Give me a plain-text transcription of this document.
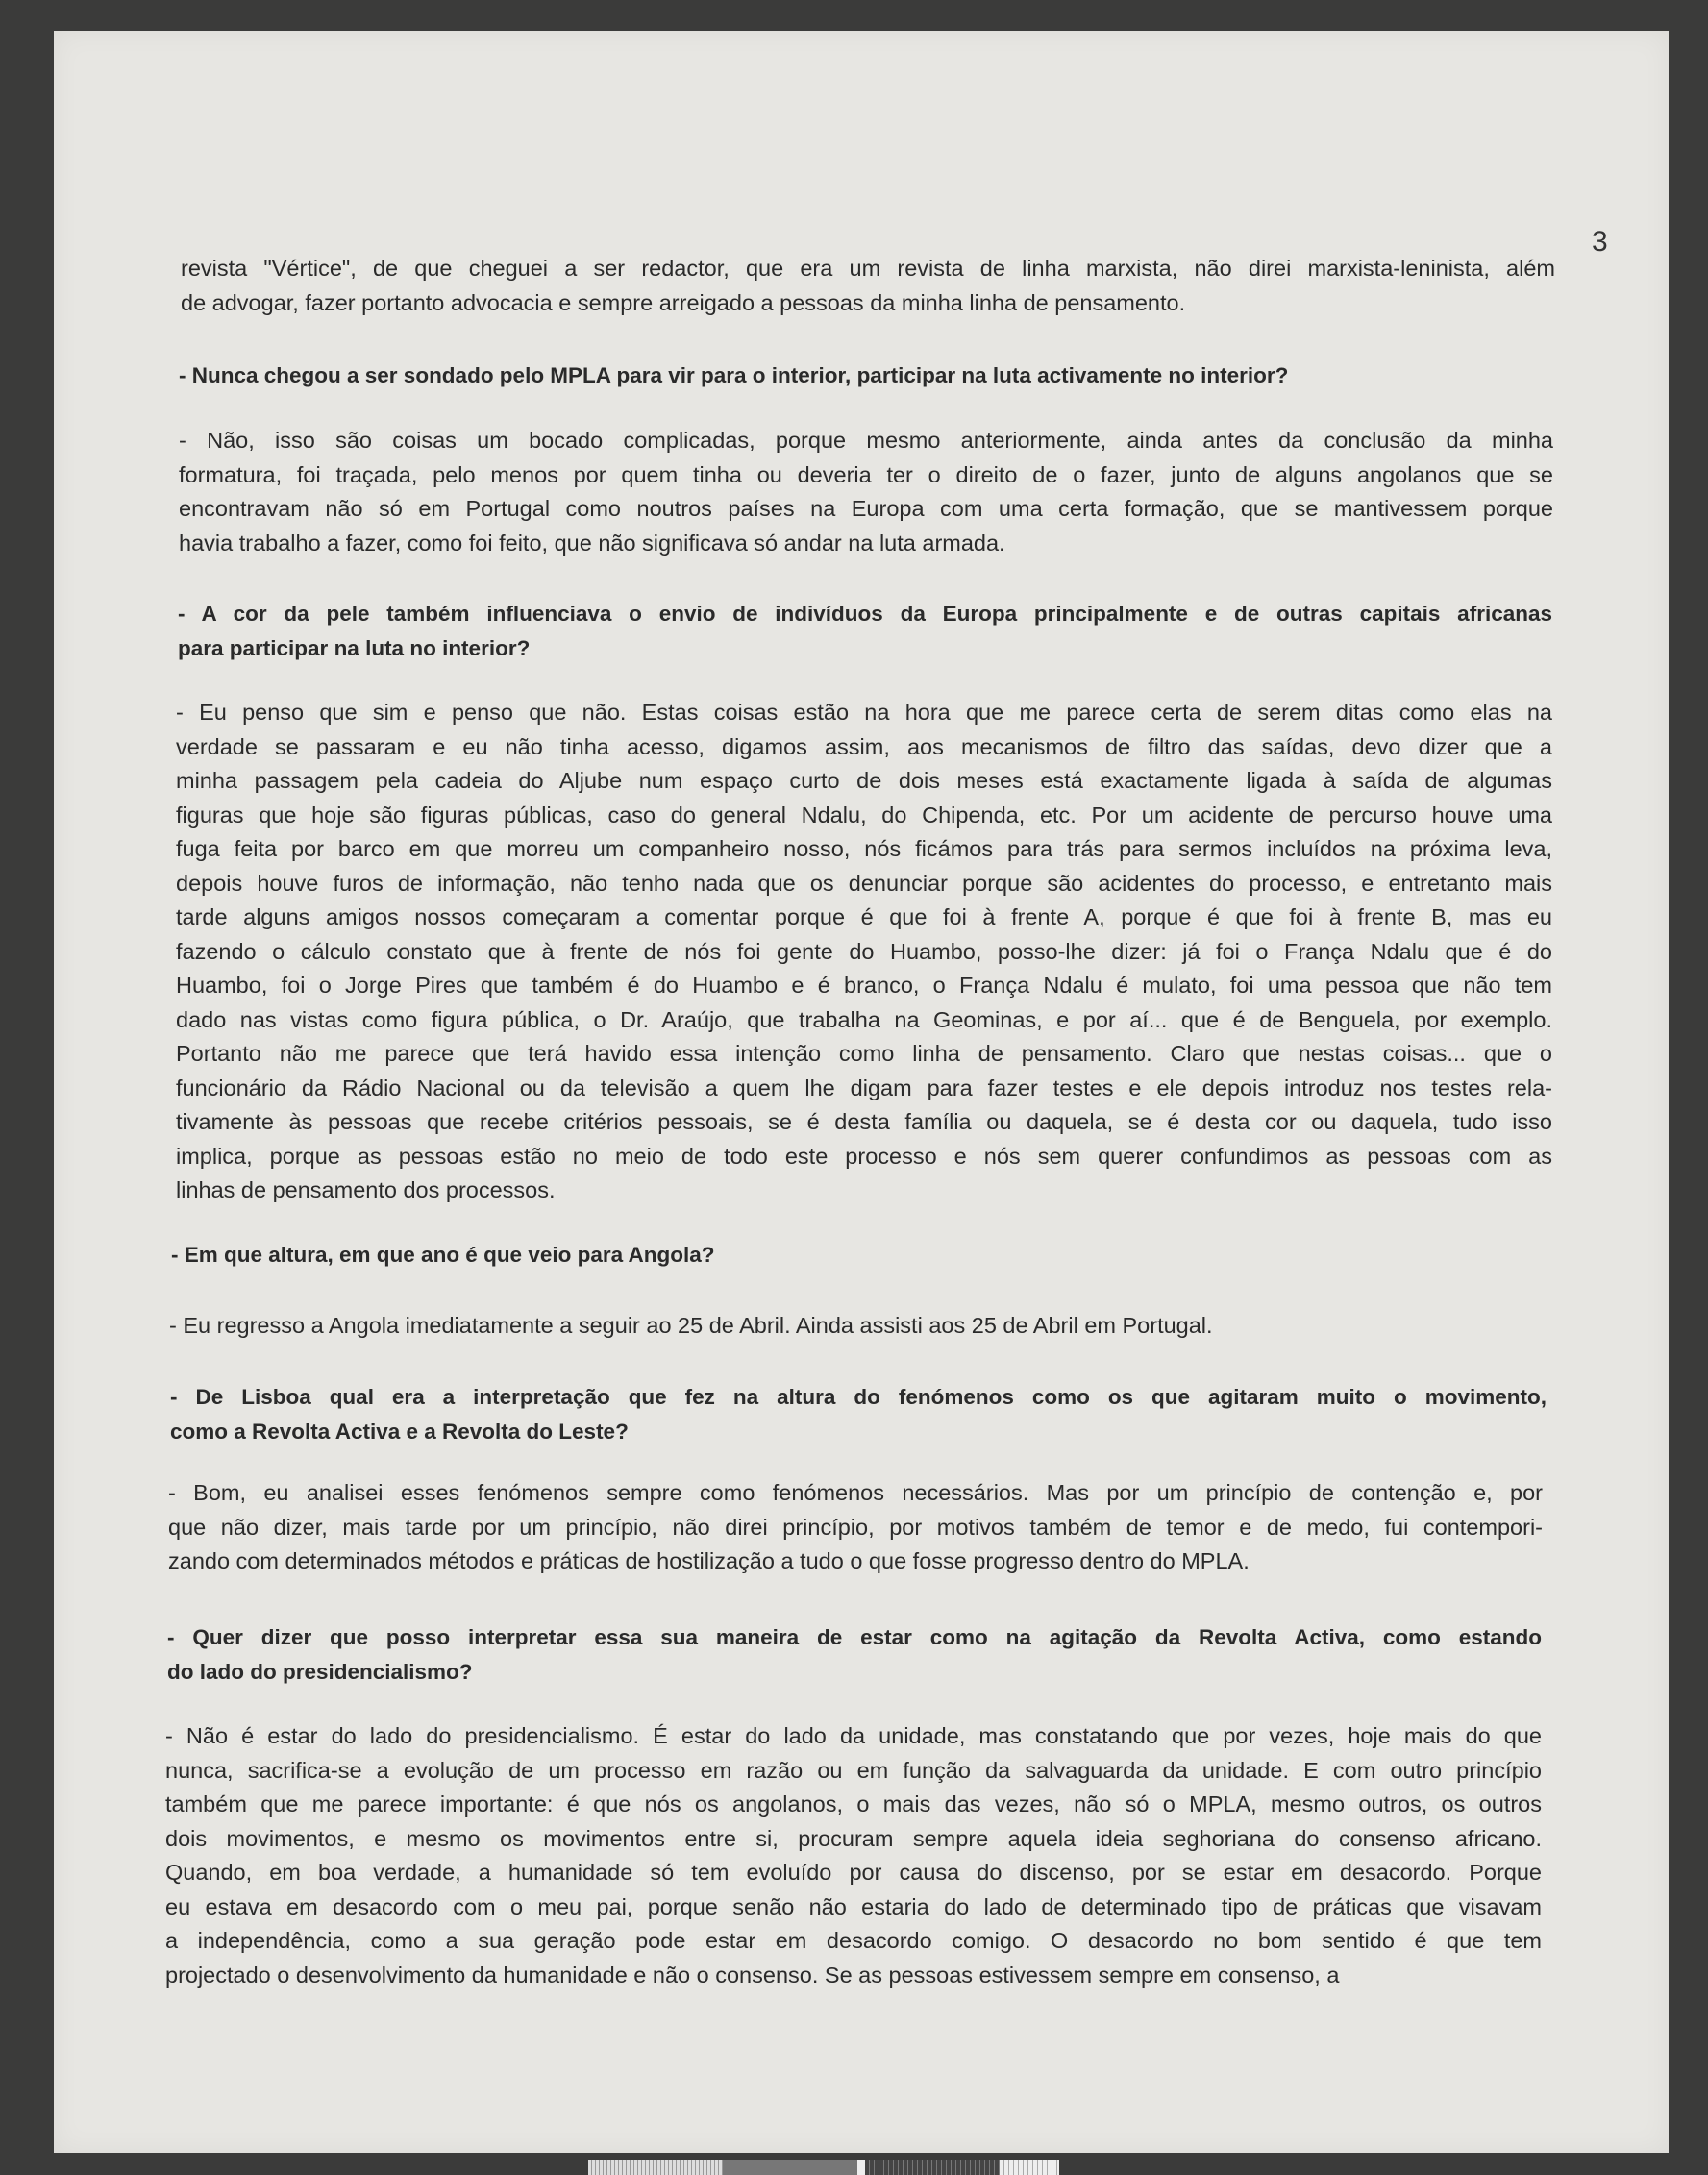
3
revista "Vértice", de que cheguei a ser redactor, que era um revista de linha marxista, não direi marxista-leninista, além
de advogar, fazer portanto advocacia e sempre arreigado a pessoas da minha linha de pensamento.
- Nunca chegou a ser sondado pelo MPLA para vir para o interior, participar na luta activamente no interior?
- Não, isso são coisas um bocado complicadas, porque mesmo anteriormente, ainda antes da conclusão da minha
formatura, foi traçada, pelo menos por quem tinha ou deveria ter o direito de o fazer, junto de alguns angolanos que se
encontravam não só em Portugal como noutros países na Europa com uma certa formação, que se mantivessem porque
havia trabalho a fazer, como foi feito, que não significava só andar na luta armada.
- A cor da pele também influenciava o envio de indivíduos da Europa principalmente e de outras capitais africanas
para participar na luta no interior?
- Eu penso que sim e penso que não. Estas coisas estão na hora que me parece certa de serem ditas como elas na
verdade se passaram e eu não tinha acesso, digamos assim, aos mecanismos de filtro das saídas, devo dizer que a
minha passagem pela cadeia do Aljube num espaço curto de dois meses está exactamente ligada à saída de algumas
figuras que hoje são figuras públicas, caso do general Ndalu, do Chipenda, etc. Por um acidente de percurso houve uma
fuga feita por barco em que morreu um companheiro nosso, nós ficámos para trás para sermos incluídos na próxima leva,
depois houve furos de informação, não tenho nada que os denunciar porque são acidentes do processo, e entretanto mais
tarde alguns amigos nossos começaram a comentar porque é que foi à frente A, porque é que foi à frente B, mas eu
fazendo o cálculo constato que à frente de nós foi gente do Huambo, posso-lhe dizer: já foi o França Ndalu que é do
Huambo, foi o Jorge Pires que também é do Huambo e é branco, o França Ndalu é mulato, foi uma pessoa que não tem
dado nas vistas como figura pública, o Dr. Araújo, que trabalha na Geominas, e por aí... que é de Benguela, por exemplo.
Portanto não me parece que terá havido essa intenção como linha de pensamento. Claro que nestas coisas... que o
funcionário da Rádio Nacional ou da televisão a quem lhe digam para fazer testes e ele depois introduz nos testes rela-
tivamente às pessoas que recebe critérios pessoais, se é desta família ou daquela, se é desta cor ou daquela, tudo isso
implica, porque as pessoas estão no meio de todo este processo e nós sem querer confundimos as pessoas com as
linhas de pensamento dos processos.
- Em que altura, em que ano é que veio para Angola?
- Eu regresso a Angola imediatamente a seguir ao 25 de Abril. Ainda assisti aos 25 de Abril em Portugal.
- De Lisboa qual era a interpretação que fez na altura do fenómenos como os que agitaram muito o movimento,
como a Revolta Activa e a Revolta do Leste?
- Bom, eu analisei esses fenómenos sempre como fenómenos necessários. Mas por um princípio de contenção e, por
que não dizer, mais tarde por um princípio, não direi princípio, por motivos também de temor e de medo, fui contempori-
zando com determinados métodos e práticas de hostilização a tudo o que fosse progresso dentro do MPLA.
- Quer dizer que posso interpretar essa sua maneira de estar como na agitação da Revolta Activa, como estando
do lado do presidencialismo?
- Não é estar do lado do presidencialismo. É estar do lado da unidade, mas constatando que por vezes, hoje mais do que
nunca, sacrifica-se a evolução de um processo em razão ou em função da salvaguarda da unidade. E com outro princípio
também que me parece importante: é que nós os angolanos, o mais das vezes, não só o MPLA, mesmo outros, os outros
dois movimentos, e mesmo os movimentos entre si, procuram sempre aquela ideia seghoriana do consenso africano.
Quando, em boa verdade, a humanidade só tem evoluído por causa do discenso, por se estar em desacordo. Porque
eu estava em desacordo com o meu pai, porque senão não estaria do lado de determinado tipo de práticas que visavam
a independência, como a sua geração pode estar em desacordo comigo. O desacordo no bom sentido é que tem
projectado o desenvolvimento da humanidade e não o consenso. Se as pessoas estivessem sempre em consenso, a
